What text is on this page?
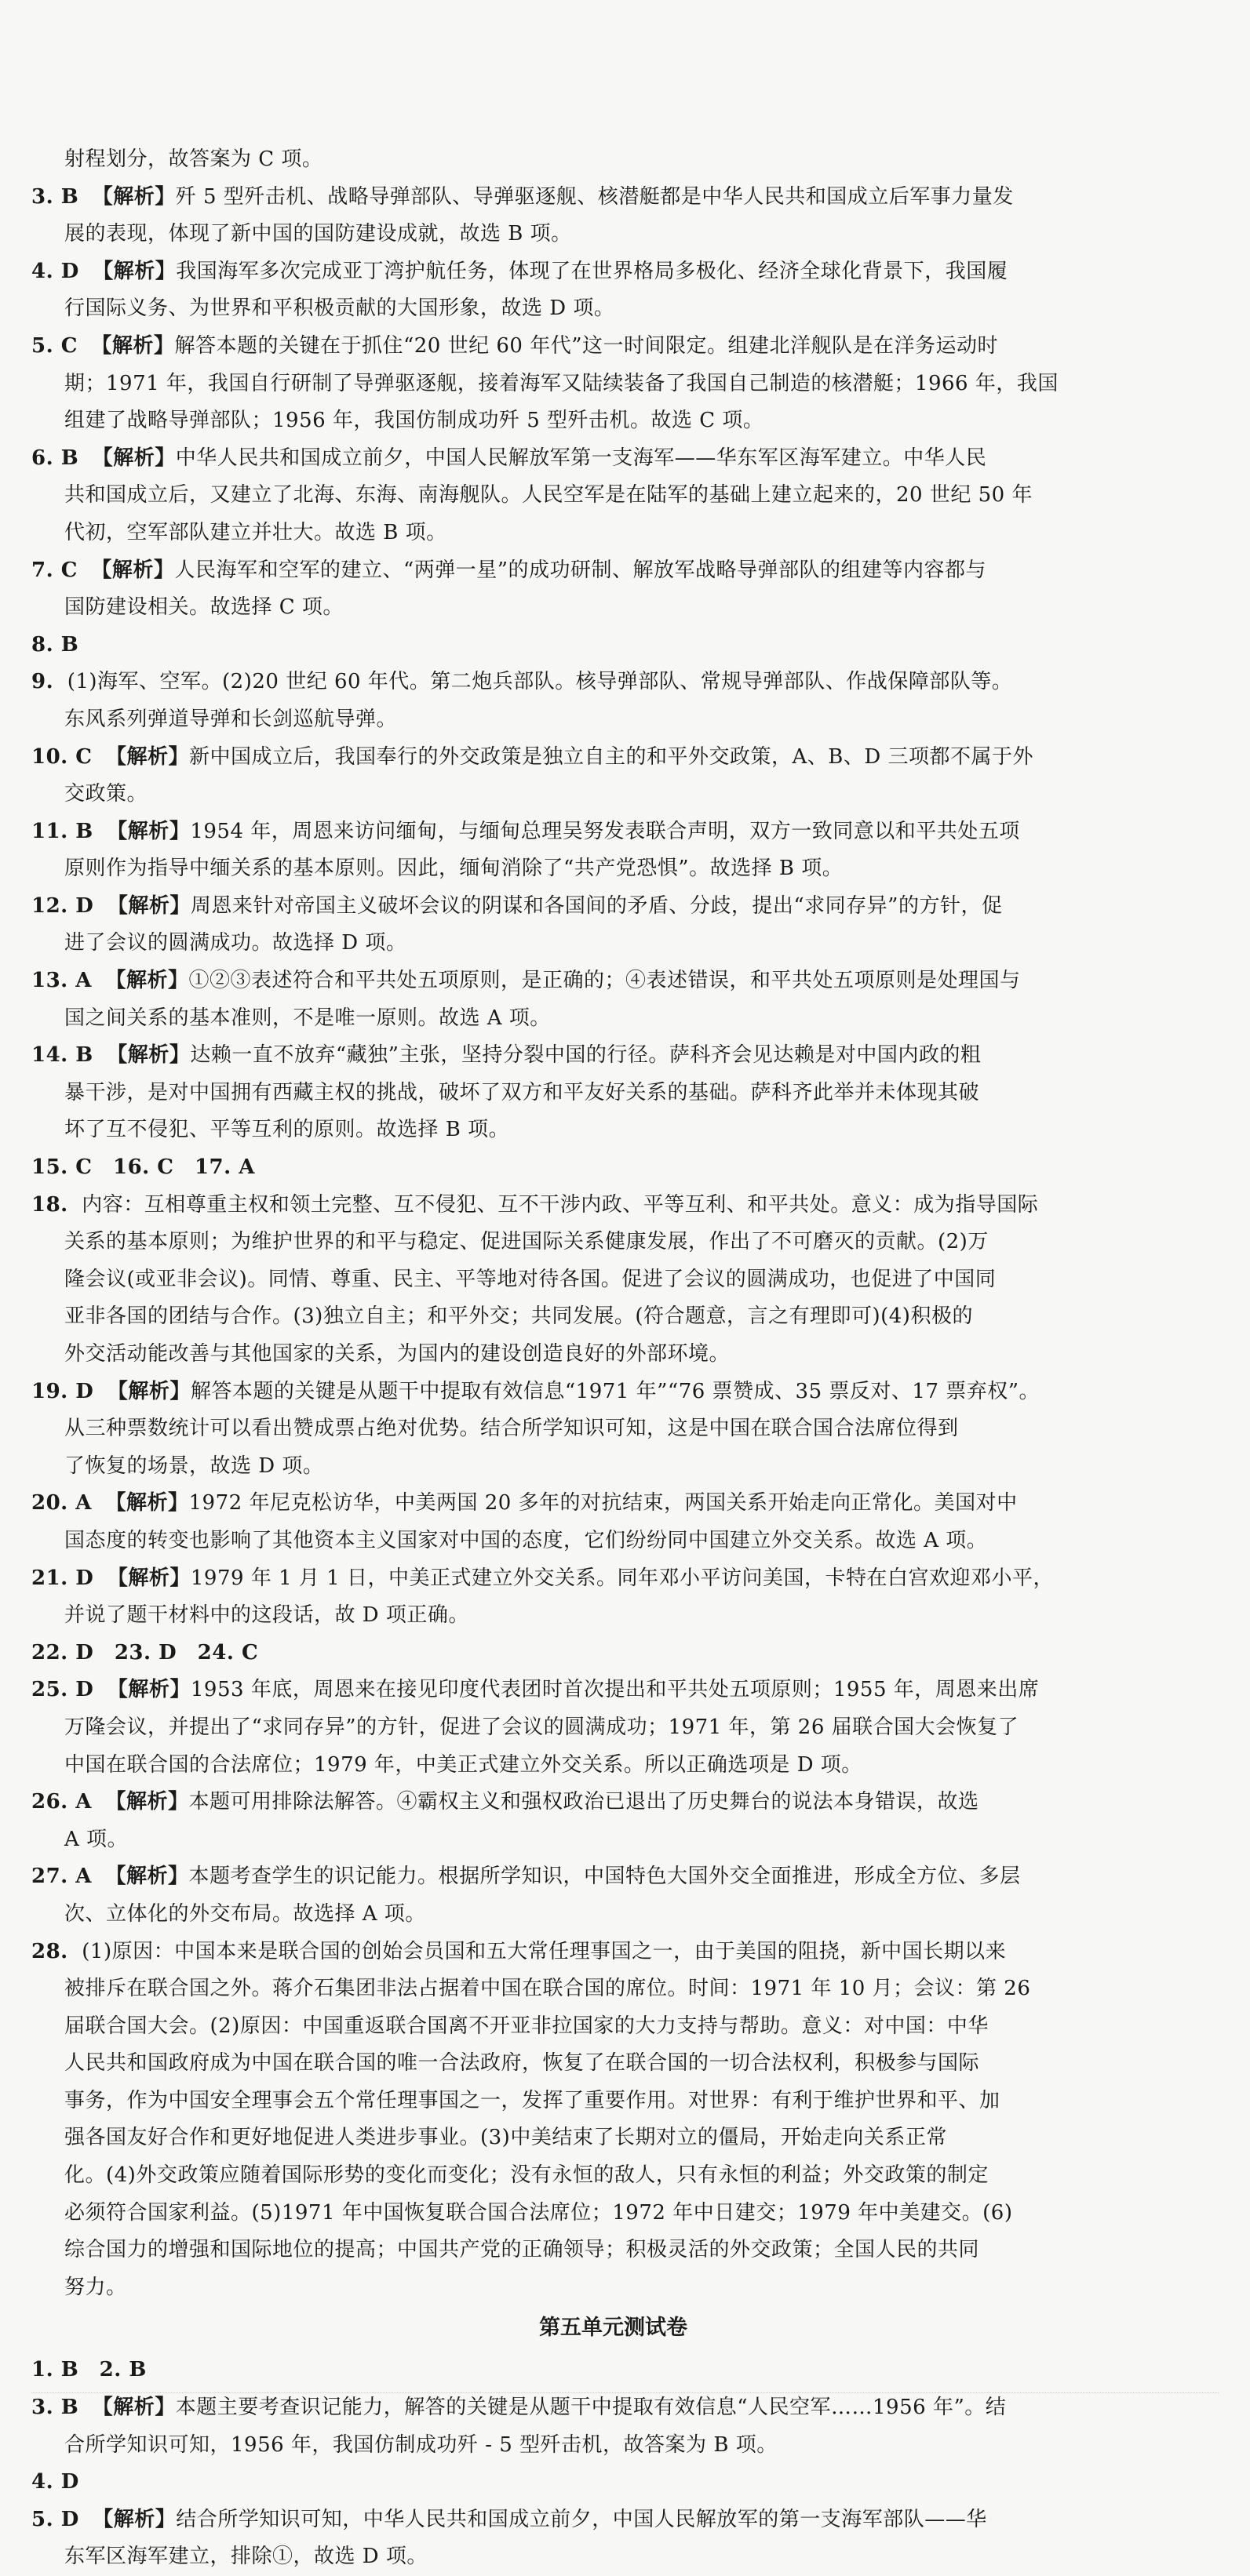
射程划分，故答案为 C 项。
3. B 【解析】歼 5 型歼击机、战略导弹部队、导弹驱逐舰、核潜艇都是中华人民共和国成立后军事力量发
展的表现，体现了新中国的国防建设成就，故选 B 项。
4. D 【解析】我国海军多次完成亚丁湾护航任务，体现了在世界格局多极化、经济全球化背景下，我国履
行国际义务、为世界和平积极贡献的大国形象，故选 D 项。
5. C 【解析】解答本题的关键在于抓住“20 世纪 60 年代”这一时间限定。组建北洋舰队是在洋务运动时
期；1971 年，我国自行研制了导弹驱逐舰，接着海军又陆续装备了我国自己制造的核潜艇；1966 年，我国
组建了战略导弹部队；1956 年，我国仿制成功歼 5 型歼击机。故选 C 项。
6. B 【解析】中华人民共和国成立前夕，中国人民解放军第一支海军——华东军区海军建立。中华人民
共和国成立后，又建立了北海、东海、南海舰队。人民空军是在陆军的基础上建立起来的，20 世纪 50 年
代初，空军部队建立并壮大。故选 B 项。
7. C 【解析】人民海军和空军的建立、“两弹一星”的成功研制、解放军战略导弹部队的组建等内容都与
国防建设相关。故选择 C 项。
8. B
9. (1)海军、空军。(2)20 世纪 60 年代。第二炮兵部队。核导弹部队、常规导弹部队、作战保障部队等。
东风系列弹道导弹和长剑巡航导弹。
10. C 【解析】新中国成立后，我国奉行的外交政策是独立自主的和平外交政策，A、B、D 三项都不属于外
交政策。
11. B 【解析】1954 年，周恩来访问缅甸，与缅甸总理吴努发表联合声明，双方一致同意以和平共处五项
原则作为指导中缅关系的基本原则。因此，缅甸消除了“共产党恐惧”。故选择 B 项。
12. D 【解析】周恩来针对帝国主义破坏会议的阴谋和各国间的矛盾、分歧，提出“求同存异”的方针，促
进了会议的圆满成功。故选择 D 项。
13. A 【解析】①②③表述符合和平共处五项原则，是正确的；④表述错误，和平共处五项原则是处理国与
国之间关系的基本准则，不是唯一原则。故选 A 项。
14. B 【解析】达赖一直不放弃“藏独”主张，坚持分裂中国的行径。萨科齐会见达赖是对中国内政的粗
暴干涉，是对中国拥有西藏主权的挑战，破坏了双方和平友好关系的基础。萨科齐此举并未体现其破
坏了互不侵犯、平等互利的原则。故选择 B 项。
15. C　16. C　17. A
18. 内容：互相尊重主权和领土完整、互不侵犯、互不干涉内政、平等互利、和平共处。意义：成为指导国际
关系的基本原则；为维护世界的和平与稳定、促进国际关系健康发展，作出了不可磨灭的贡献。(2)万
隆会议(或亚非会议)。同情、尊重、民主、平等地对待各国。促进了会议的圆满成功，也促进了中国同
亚非各国的团结与合作。(3)独立自主；和平外交；共同发展。(符合题意，言之有理即可)(4)积极的
外交活动能改善与其他国家的关系，为国内的建设创造良好的外部环境。
19. D 【解析】解答本题的关键是从题干中提取有效信息“1971 年”“76 票赞成、35 票反对、17 票弃权”。
从三种票数统计可以看出赞成票占绝对优势。结合所学知识可知，这是中国在联合国合法席位得到
了恢复的场景，故选 D 项。
20. A 【解析】1972 年尼克松访华，中美两国 20 多年的对抗结束，两国关系开始走向正常化。美国对中
国态度的转变也影响了其他资本主义国家对中国的态度，它们纷纷同中国建立外交关系。故选 A 项。
21. D 【解析】1979 年 1 月 1 日，中美正式建立外交关系。同年邓小平访问美国，卡特在白宫欢迎邓小平，
并说了题干材料中的这段话，故 D 项正确。
22. D　23. D　24. C
25. D 【解析】1953 年底，周恩来在接见印度代表团时首次提出和平共处五项原则；1955 年，周恩来出席
万隆会议，并提出了“求同存异”的方针，促进了会议的圆满成功；1971 年，第 26 届联合国大会恢复了
中国在联合国的合法席位；1979 年，中美正式建立外交关系。所以正确选项是 D 项。
26. A 【解析】本题可用排除法解答。④霸权主义和强权政治已退出了历史舞台的说法本身错误，故选
A 项。
27. A 【解析】本题考查学生的识记能力。根据所学知识，中国特色大国外交全面推进，形成全方位、多层
次、立体化的外交布局。故选择 A 项。
28. (1)原因：中国本来是联合国的创始会员国和五大常任理事国之一，由于美国的阻挠，新中国长期以来
被排斥在联合国之外。蒋介石集团非法占据着中国在联合国的席位。时间：1971 年 10 月；会议：第 26
届联合国大会。(2)原因：中国重返联合国离不开亚非拉国家的大力支持与帮助。意义：对中国：中华
人民共和国政府成为中国在联合国的唯一合法政府，恢复了在联合国的一切合法权利，积极参与国际
事务，作为中国安全理事会五个常任理事国之一，发挥了重要作用。对世界：有利于维护世界和平、加
强各国友好合作和更好地促进人类进步事业。(3)中美结束了长期对立的僵局，开始走向关系正常
化。(4)外交政策应随着国际形势的变化而变化；没有永恒的敌人，只有永恒的利益；外交政策的制定
必须符合国家利益。(5)1971 年中国恢复联合国合法席位；1972 年中日建交；1979 年中美建交。(6)
综合国力的增强和国际地位的提高；中国共产党的正确领导；积极灵活的外交政策；全国人民的共同
努力。
第五单元测试卷
1. B　2. B
3. B 【解析】本题主要考查识记能力，解答的关键是从题干中提取有效信息“人民空军……1956 年”。结
合所学知识可知，1956 年，我国仿制成功歼 - 5 型歼击机，故答案为 B 项。
4. D
5. D 【解析】结合所学知识可知，中华人民共和国成立前夕，中国人民解放军的第一支海军部队——华
东军区海军建立，排除①，故选 D 项。
